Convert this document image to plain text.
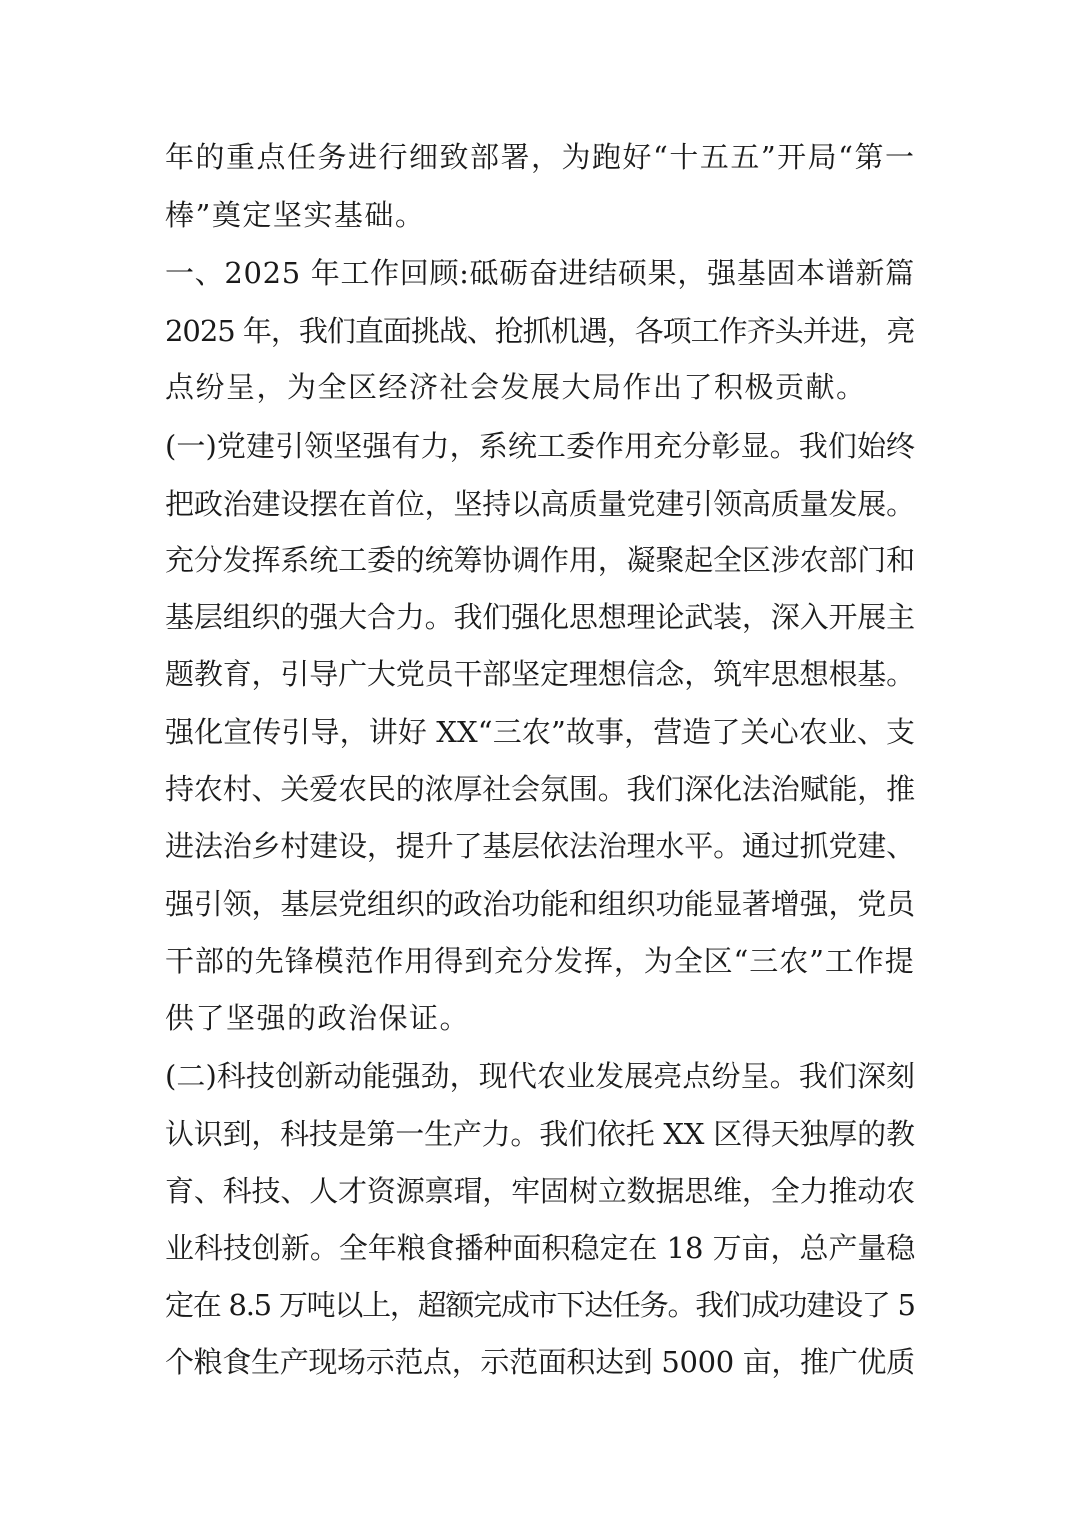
年的重点任务进行细致部署，为跑好“十五五”开局“第一
棒”奠定坚实基础。
一、2025 年工作回顾:砥砺奋进结硕果，强基固本谱新篇
2025 年，我们直面挑战、抢抓机遇，各项工作齐头并进，亮
点纷呈，为全区经济社会发展大局作出了积极贡献。
(一)党建引领坚强有力，系统工委作用充分彰显。我们始终
把政治建设摆在首位，坚持以高质量党建引领高质量发展。
充分发挥系统工委的统筹协调作用，凝聚起全区涉农部门和
基层组织的强大合力。我们强化思想理论武装，深入开展主
题教育，引导广大党员干部坚定理想信念，筑牢思想根基。
强化宣传引导，讲好 XX“三农”故事，营造了关心农业、支
持农村、关爱农民的浓厚社会氛围。我们深化法治赋能，推
进法治乡村建设，提升了基层依法治理水平。通过抓党建、
强引领，基层党组织的政治功能和组织功能显著增强，党员
干部的先锋模范作用得到充分发挥，为全区“三农”工作提
供了坚强的政治保证。
(二)科技创新动能强劲，现代农业发展亮点纷呈。我们深刻
认识到，科技是第一生产力。我们依托 XX 区得天独厚的教
育、科技、人才资源禀瑁，牢固树立数据思维，全力推动农
业科技创新。全年粮食播种面积稳定在 18 万亩，总产量稳
定在 8.5 万吨以上，超额完成市下达任务。我们成功建设了 5
个粮食生产现场示范点，示范面积达到 5000 亩，推广优质
